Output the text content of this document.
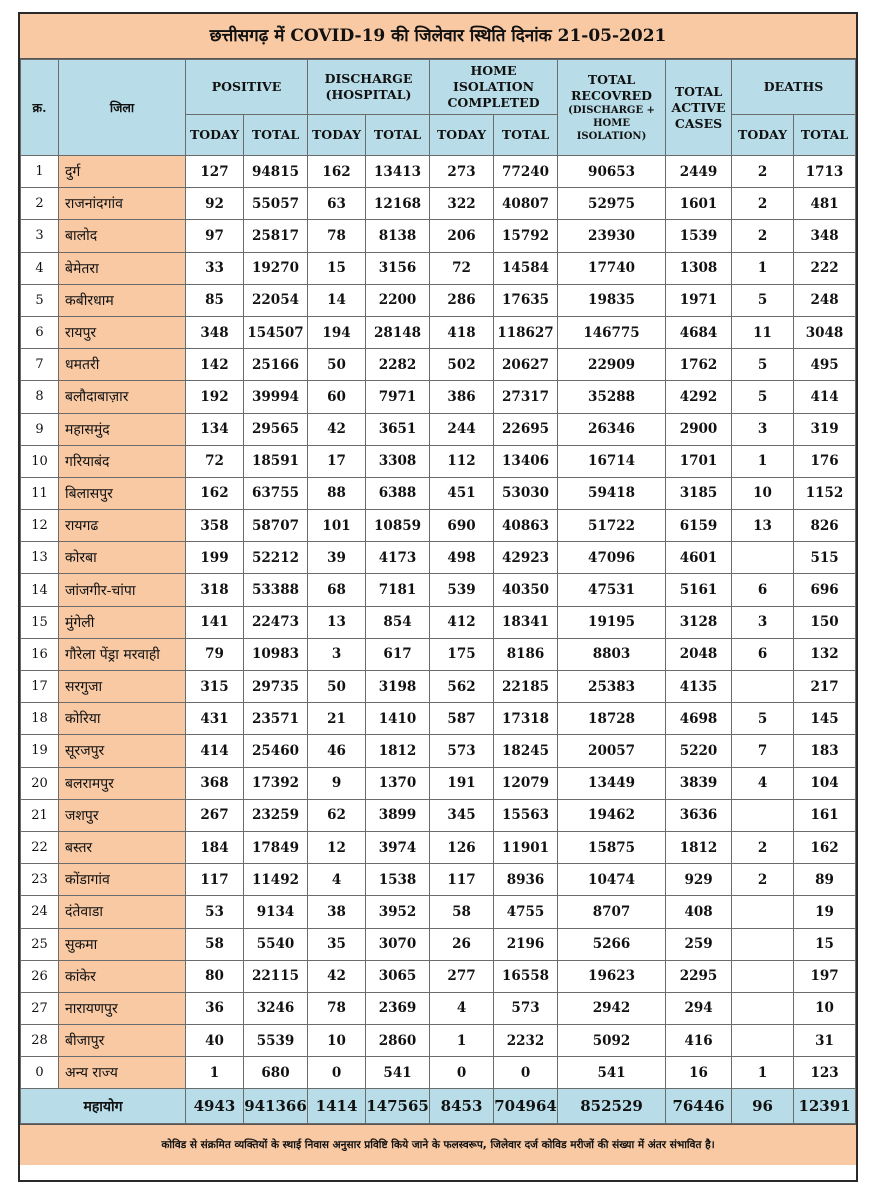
छत्तीसगढ़ में COVID-19 की जिलेवार स्थिति दिनांक 21-05-2021
क्र.	जिला	POSITIVE		DISCHARGE (HOSPITAL)		HOME ISOLATION COMPLETED		TOTAL RECOVRED
(DISCHARGE + HOME ISOLATION)	TOTAL ACTIVE CASES	DEATHS	
		TODAY	TOTAL	TODAY	TOTAL	TODAY	TOTAL			TODAY	TOTAL
1	दुर्ग	127	94815	162	13413	273	77240	90653	2449	2	1713
2	राजनांदगांव	92	55057	63	12168	322	40807	52975	1601	2	481
3	बालोद	97	25817	78	8138	206	15792	23930	1539	2	348
4	बेमेतरा	33	19270	15	3156	72	14584	17740	1308	1	222
5	कबीरधाम	85	22054	14	2200	286	17635	19835	1971	5	248
6	रायपुर	348	154507	194	28148	418	118627	146775	4684	11	3048
7	धमतरी	142	25166	50	2282	502	20627	22909	1762	5	495
8	बलौदाबाज़ार	192	39994	60	7971	386	27317	35288	4292	5	414
9	महासमुंद	134	29565	42	3651	244	22695	26346	2900	3	319
10	गरियाबंद	72	18591	17	3308	112	13406	16714	1701	1	176
11	बिलासपुर	162	63755	88	6388	451	53030	59418	3185	10	1152
12	रायगढ	358	58707	101	10859	690	40863	51722	6159	13	826
13	कोरबा	199	52212	39	4173	498	42923	47096	4601		515
14	जांजगीर-चांपा	318	53388	68	7181	539	40350	47531	5161	6	696
15	मुंगेली	141	22473	13	854	412	18341	19195	3128	3	150
16	गौरेला पेंड्रा मरवाही	79	10983	3	617	175	8186	8803	2048	6	132
17	सरगुजा	315	29735	50	3198	562	22185	25383	4135		217
18	कोरिया	431	23571	21	1410	587	17318	18728	4698	5	145
19	सूरजपुर	414	25460	46	1812	573	18245	20057	5220	7	183
20	बलरामपुर	368	17392	9	1370	191	12079	13449	3839	4	104
21	जशपुर	267	23259	62	3899	345	15563	19462	3636		161
22	बस्तर	184	17849	12	3974	126	11901	15875	1812	2	162
23	कोंडागांव	117	11492	4	1538	117	8936	10474	929	2	89
24	दंतेवाडा	53	9134	38	3952	58	4755	8707	408		19
25	सुकमा	58	5540	35	3070	26	2196	5266	259		15
26	कांकेर	80	22115	42	3065	277	16558	19623	2295		197
27	नारायणपुर	36	3246	78	2369	4	573	2942	294		10
28	बीजापुर	40	5539	10	2860	1	2232	5092	416		31
0	अन्य राज्य	1	680	0	541	0	0	541	16	1	123
महायोग		4943	941366	1414	147565	8453	704964	852529	76446	96	12391
कोविड से संक्रमित व्यक्तियों के स्थाई निवास अनुसार प्रविष्टि किये जाने के फलस्वरूप, जिलेवार दर्ज कोविड मरीजों की संख्या में अंतर संभावित है।
